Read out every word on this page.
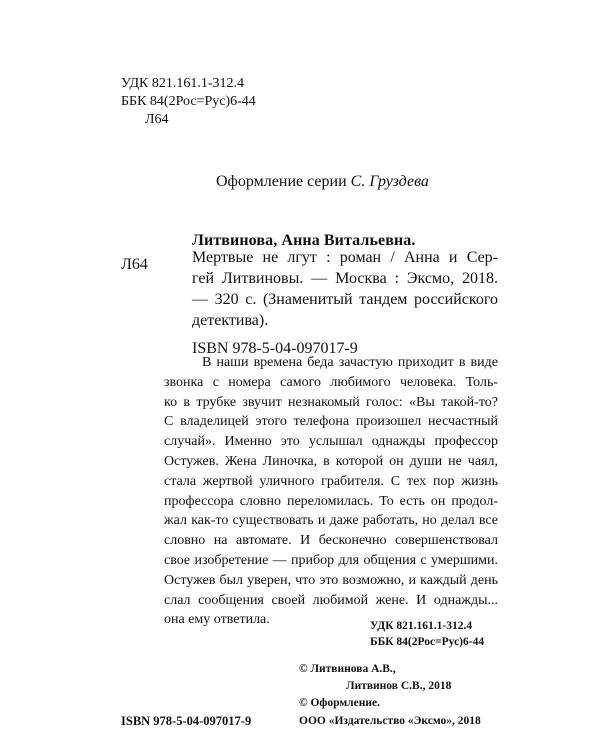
УДК 821.161.1-312.4
ББК 84(2Рос=Рус)6-44
Л64
Оформление серии С. Груздева
Литвинова, Анна Витальевна.
Л64	Мертвые не лгут : роман / Анна и Сер-
гей Литвиновы. — Москва : Эксмо, 2018.
— 320 с. (Знаменитый тандем российского
детектива).
ISBN 978-5-04-097017-9
В наши времена беда зачастую приходит в виде
звонка с номера самого любимого человека. Толь-
ко в трубке звучит незнакомый голос: «Вы такой-то?
С владелицей этого телефона произошел несчастный
случай». Именно это услышал однажды профессор
Остужев. Жена Линочка, в которой он души не чаял,
стала жертвой уличного грабителя. С тех пор жизнь
профессора словно переломилась. То есть он продол-
жал как-то существовать и даже работать, но делал все
словно на автомате. И бесконечно совершенствовал
свое изобретение — прибор для общения с умершими.
Остужев был уверен, что это возможно, и каждый день
слал сообщения своей любимой жене. И однажды...
она ему ответила.	УДК 821.161.1-312.4
ББК 84(2Рос=Рус)6-44
© Литвинова А.В.,
Литвинов С.В., 2018
© Оформление.
ISBN 978-5-04-097017-9	ООО «Издательство «Эксмо», 2018
